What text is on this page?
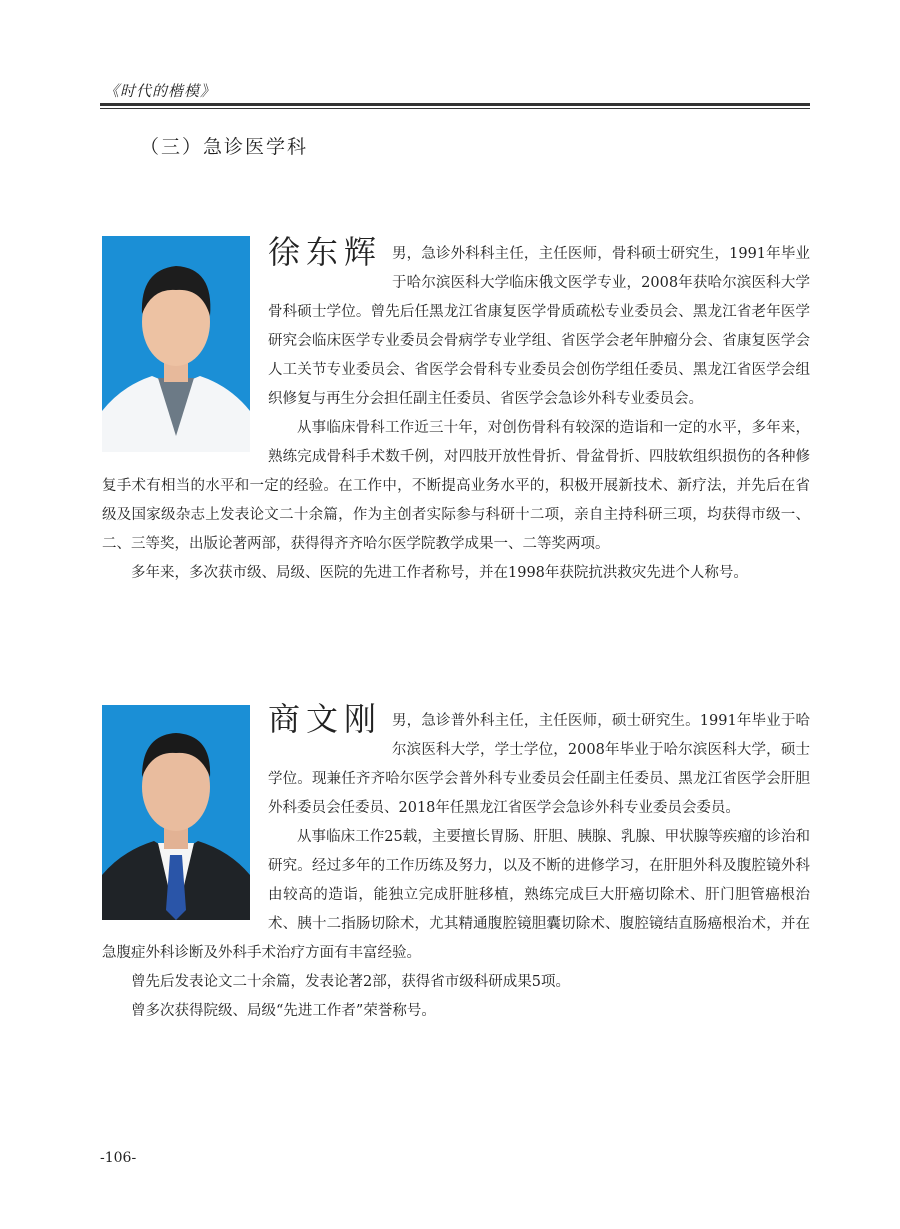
《时代的楷模》
（三）急诊医学科

徐东辉 男，急诊外科科主任，主任医师，骨科硕士研究生，1991年毕业于哈尔滨医科大学临床俄文医学专业，2008年获哈尔滨医科大学骨科硕士学位。曾先后任黑龙江省康复医学骨质疏松专业委员会、黑龙江省老年医学研究会临床医学专业委员会骨病学专业学组、省医学会老年肿瘤分会、省康复医学会人工关节专业委员会、省医学会骨科专业委员会创伤学组任委员、黑龙江省医学会组织修复与再生分会担任副主任委员、省医学会急诊外科专业委员会。

从事临床骨科工作近三十年，对创伤骨科有较深的造诣和一定的水平，多年来，熟练完成骨科手术数千例，对四肢开放性骨折、骨盆骨折、四肢软组织损伤的各种修复手术有相当的水平和一定的经验。在工作中，不断提高业务水平的，积极开展新技术、新疗法，并先后在省级及国家级杂志上发表论文二十余篇，作为主创者实际参与科研十二项，亲自主持科研三项，均获得市级一、二、三等奖，出版论著两部，获得得齐齐哈尔医学院教学成果一、二等奖两项。

多年来，多次获市级、局级、医院的先进工作者称号，并在1998年获院抗洪救灾先进个人称号。

商文刚 男，急诊普外科主任，主任医师，硕士研究生。1991年毕业于哈尔滨医科大学，学士学位，2008年毕业于哈尔滨医科大学，硕士学位。现兼任齐齐哈尔医学会普外科专业委员会任副主任委员、黑龙江省医学会肝胆外科委员会任委员、2018年任黑龙江省医学会急诊外科专业委员会委员。

从事临床工作25载，主要擅长胃肠、肝胆、胰腺、乳腺、甲状腺等疾瘤的诊治和研究。经过多年的工作历练及努力，以及不断的进修学习，在肝胆外科及腹腔镜外科由较高的造诣，能独立完成肝脏移植，熟练完成巨大肝癌切除术、肝门胆管癌根治术、胰十二指肠切除术，尤其精通腹腔镜胆囊切除术、腹腔镜结直肠癌根治术，并在急腹症外科诊断及外科手术治疗方面有丰富经验。

曾先后发表论文二十余篇，发表论著2部，获得省市级科研成果5项。

曾多次获得院级、局级“先进工作者”荣誉称号。

-106-
